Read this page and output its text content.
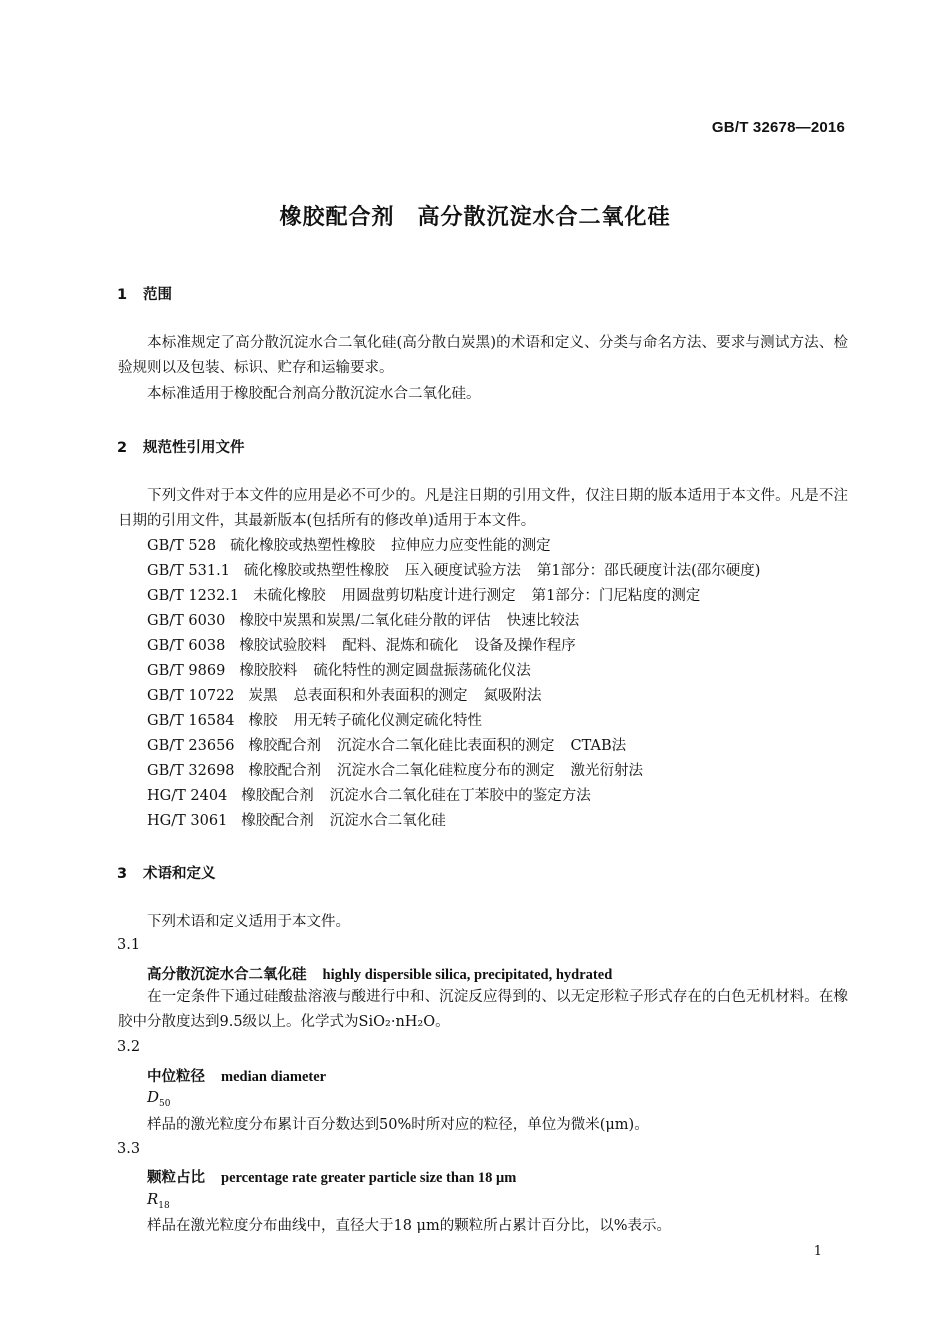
GB/T 32678—2016
橡胶配合剂　高分散沉淀水合二氧化硅
1 范围
本标准规定了高分散沉淀水合二氧化硅(高分散白炭黑)的术语和定义、分类与命名方法、要求与测试方法、检验规则以及包装、标识、贮存和运输要求。
本标准适用于橡胶配合剂高分散沉淀水合二氧化硅。
2 规范性引用文件
下列文件对于本文件的应用是必不可少的。凡是注日期的引用文件，仅注日期的版本适用于本文件。凡是不注日期的引用文件，其最新版本(包括所有的修改单)适用于本文件。
GB/T 528 硫化橡胶或热塑性橡胶 拉伸应力应变性能的测定
GB/T 531.1 硫化橡胶或热塑性橡胶 压入硬度试验方法 第1部分：邵氏硬度计法(邵尔硬度)
GB/T 1232.1 未硫化橡胶 用圆盘剪切粘度计进行测定 第1部分：门尼粘度的测定
GB/T 6030 橡胶中炭黑和炭黑/二氧化硅分散的评估 快速比较法
GB/T 6038 橡胶试验胶料 配料、混炼和硫化 设备及操作程序
GB/T 9869 橡胶胶料 硫化特性的测定圆盘振荡硫化仪法
GB/T 10722 炭黑 总表面积和外表面积的测定 氮吸附法
GB/T 16584 橡胶 用无转子硫化仪测定硫化特性
GB/T 23656 橡胶配合剂 沉淀水合二氧化硅比表面积的测定 CTAB法
GB/T 32698 橡胶配合剂 沉淀水合二氧化硅粒度分布的测定 激光衍射法
HG/T 2404 橡胶配合剂 沉淀水合二氧化硅在丁苯胶中的鉴定方法
HG/T 3061 橡胶配合剂 沉淀水合二氧化硅
3 术语和定义
下列术语和定义适用于本文件。
3.1
高分散沉淀水合二氧化硅 highly dispersible silica, precipitated, hydrated
在一定条件下通过硅酸盐溶液与酸进行中和、沉淀反应得到的、以无定形粒子形式存在的白色无机材料。在橡胶中分散度达到9.5级以上。化学式为SiO₂·nH₂O。
3.2
中位粒径 median diameter
$D_{50}$
样品的激光粒度分布累计百分数达到50%时所对应的粒径，单位为微米(μm)。
3.3
颗粒占比 percentage rate greater particle size than 18 μm
$R_{18}$
样品在激光粒度分布曲线中，直径大于18 μm的颗粒所占累计百分比，以%表示。
1
